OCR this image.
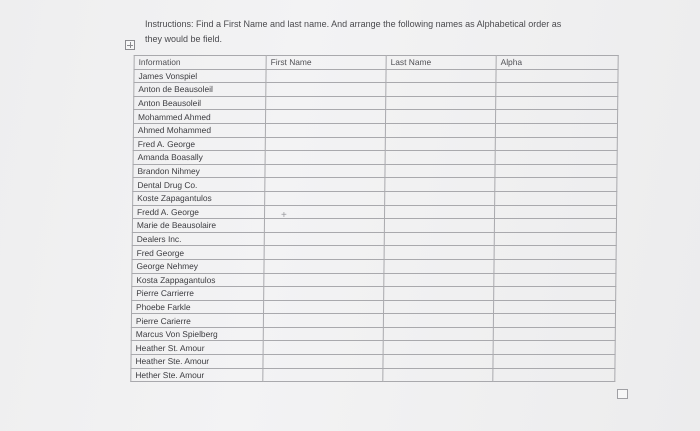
Instructions: Find a First Name and last name. And arrange the following names as Alphabetical order as
they would be field.
Information	First Name	Last Name	Alpha
James Vonspiel			
Anton de Beausoleil			
Anton Beausoleil			
Mohammed Ahmed			
Ahmed Mohammed			
Fred A. George			
Amanda Boasally			
Brandon Nihmey			
Dental Drug Co.			
Koste Zapagantulos			
Fredd A. George			
Marie de Beausolaire			
Dealers Inc.			
Fred George			
George Nehmey			
Kosta Zappagantulos			
Pierre Carrierre			
Phoebe Farkle			
Pierre Carierre			
Marcus Von Spielberg			
Heather St. Amour			
Heather Ste. Amour			
Hether Ste. Amour			
+
